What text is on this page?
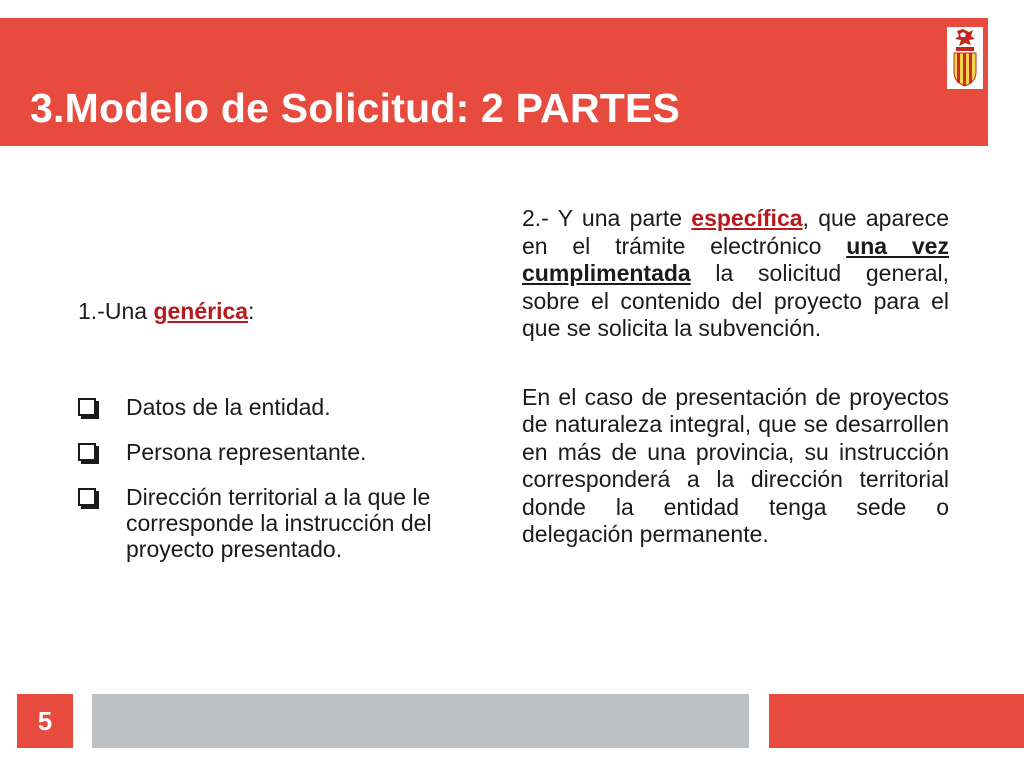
3.Modelo de Solicitud: 2 PARTES

1.-Una genérica:

Datos de la entidad.
Persona representante.
Dirección territorial a la que le corresponde la instrucción del proyecto presentado.

2.- Y una parte específica, que aparece en el trámite electrónico una vez cumplimentada la solicitud general, sobre el contenido del proyecto para el que se solicita la subvención.

En el caso de presentación de proyectos de naturaleza integral, que se desarrollen en más de una provincia, su instrucción corresponderá a la dirección territorial donde la entidad tenga sede o delegación permanente.

5
